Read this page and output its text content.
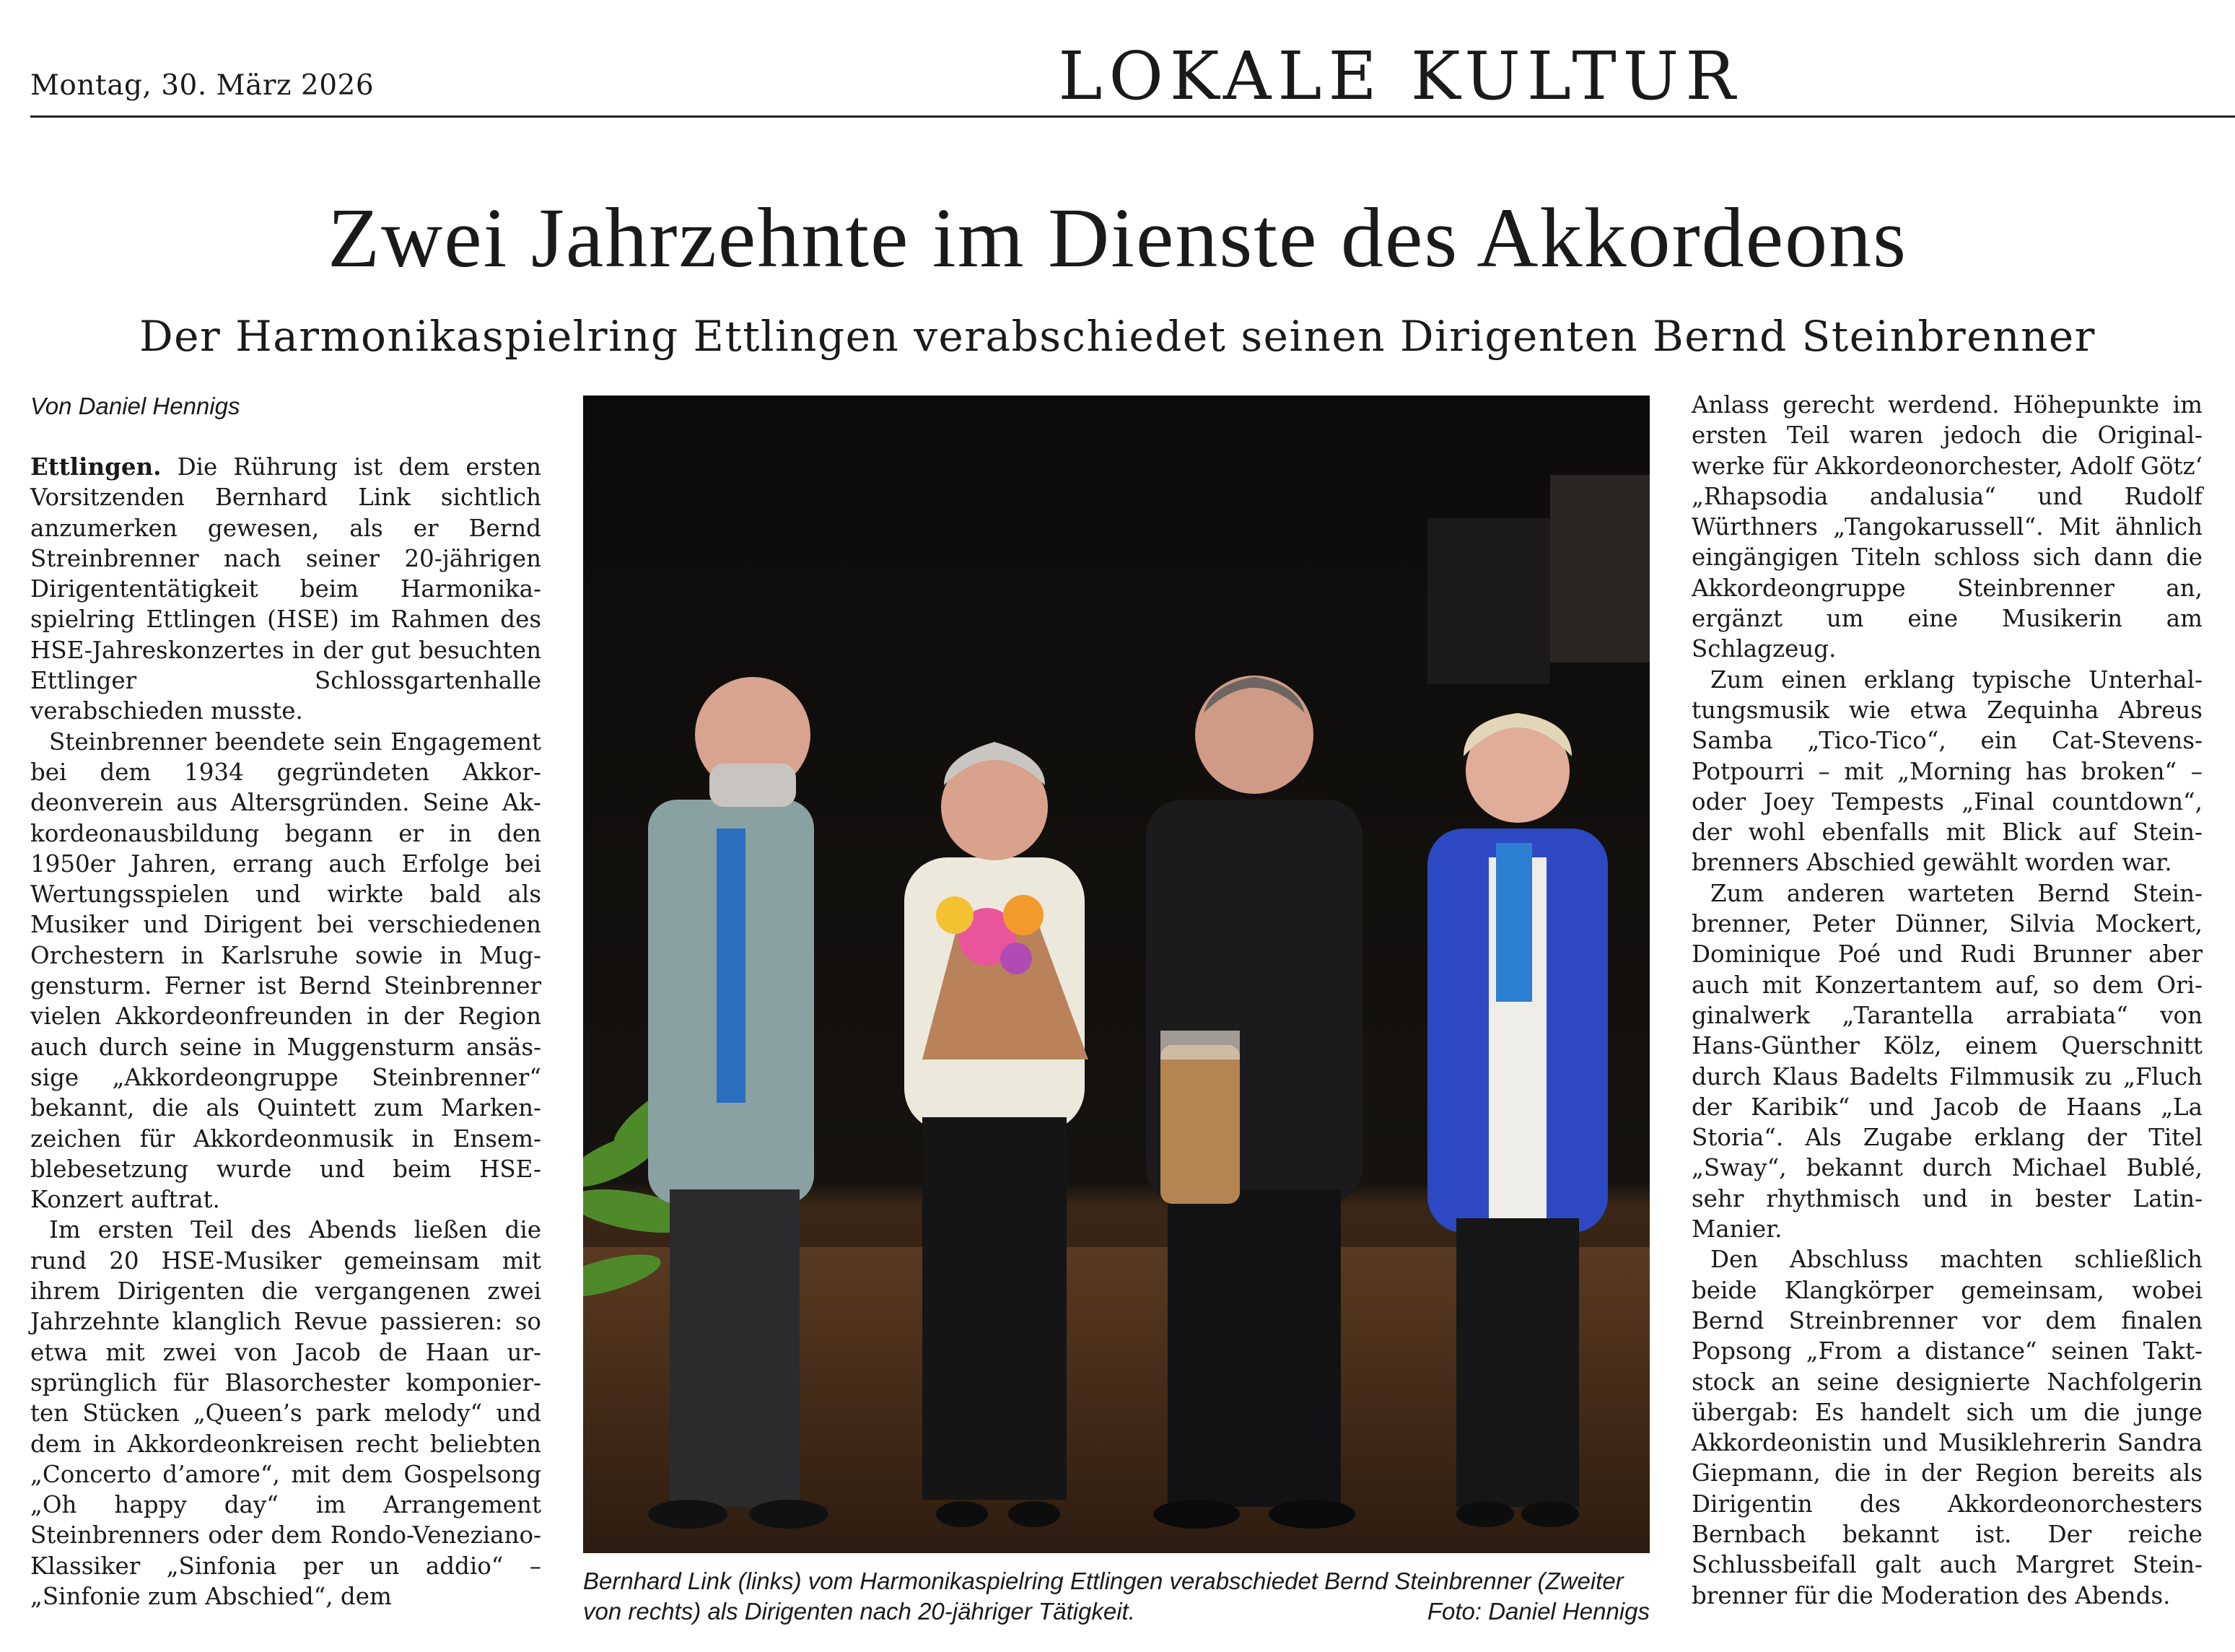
Montag, 30. März 2026	LOKALE KULTUR
Zwei Jahrzehnte im Dienste des Akkordeons
Der Harmonikaspielring Ettlingen verabschiedet seinen Dirigenten Bernd Steinbrenner
Von Daniel Hennigs

Ettlingen. Die Rührung ist dem ersten Vorsitzenden Bernhard Link sichtlich anzumerken gewesen, als er Bernd Streinbrenner nach seiner 20-jährigen Dirigententätigkeit beim Harmonikaspielring Ettlingen (HSE) im Rahmen des HSE-Jahreskonzertes in der gut besuchten Ettlinger Schlossgartenhalle verabschieden musste.

Steinbrenner beendete sein Engagement bei dem 1934 gegründeten Akkordeonverein aus Altersgründen. Seine Akkordeonausbildung begann er in den 1950er Jahren, errang auch Erfolge bei Wertungsspielen und wirkte bald als Musiker und Dirigent bei verschiedenen Orchestern in Karlsruhe sowie in Muggensturm. Ferner ist Bernd Steinbrenner vielen Akkordeonfreunden in der Region auch durch seine in Muggensturm ansässige „Akkordeongruppe Steinbrenner“ bekannt, die als Quintett zum Markenzeichen für Akkordeonmusik in Ensemblebesetzung wurde und beim HSE-Konzert auftrat.

Im ersten Teil des Abends ließen die rund 20 HSE-Musiker gemeinsam mit ihrem Dirigenten die vergangenen zwei Jahrzehnte klanglich Revue passieren: so etwa mit zwei von Jacob de Haan ursprünglich für Blasorchester komponierten Stücken „Queen’s park melody“ und dem in Akkordeonkreisen recht beliebten „Concerto d’amore“, mit dem Gospelsong „Oh happy day“ im Arrangement Steinbrenners oder dem Rondo-Veneziano-Klassiker „Sinfonia per un addio“ – „Sinfonie zum Abschied“, dem

Anlass gerecht werdend. Höhepunkte im ersten Teil waren jedoch die Originalwerke für Akkordeonorchester, Adolf Götz‘ „Rhapsodia andalusia“ und Rudolf Würthners „Tangokarussell“. Mit ähnlich eingängigen Titeln schloss sich dann die Akkordeongruppe Steinbrenner an, ergänzt um eine Musikerin am Schlagzeug.

Zum einen erklang typische Unterhaltungsmusik wie etwa Zequinha Abreus Samba „Tico-Tico“, ein Cat-Stevens-Potpourri – mit „Morning has broken“ – oder Joey Tempests „Final countdown“, der wohl ebenfalls mit Blick auf Steinbrenners Abschied gewählt worden war.

Zum anderen warteten Bernd Steinbrenner, Peter Dünner, Silvia Mockert, Dominique Poé und Rudi Brunner aber auch mit Konzertantem auf, so dem Originalwerk „Tarantella arrabiata“ von Hans-Günther Kölz, einem Querschnitt durch Klaus Badelts Filmmusik zu „Fluch der Karibik“ und Jacob de Haans „La Storia“. Als Zugabe erklang der Titel „Sway“, bekannt durch Michael Bublé, sehr rhythmisch und in bester Latin-Manier.

Den Abschluss machten schließlich beide Klangkörper gemeinsam, wobei Bernd Streinbrenner vor dem finalen Popsong „From a distance“ seinen Taktstock an seine designierte Nachfolgerin übergab: Es handelt sich um die junge Akkordeonistin und Musiklehrerin Sandra Giepmann, die in der Region bereits als Dirigentin des Akkordeonorchesters Bernbach bekannt ist. Der reiche Schlussbeifall galt auch Margret Steinbrenner für die Moderation des Abends.

Bernhard Link (links) vom Harmonikaspielring Ettlingen verabschiedet Bernd Steinbrenner (Zweiter von rechts) als Dirigenten nach 20-jähriger Tätigkeit.	Foto: Daniel Hennigs
